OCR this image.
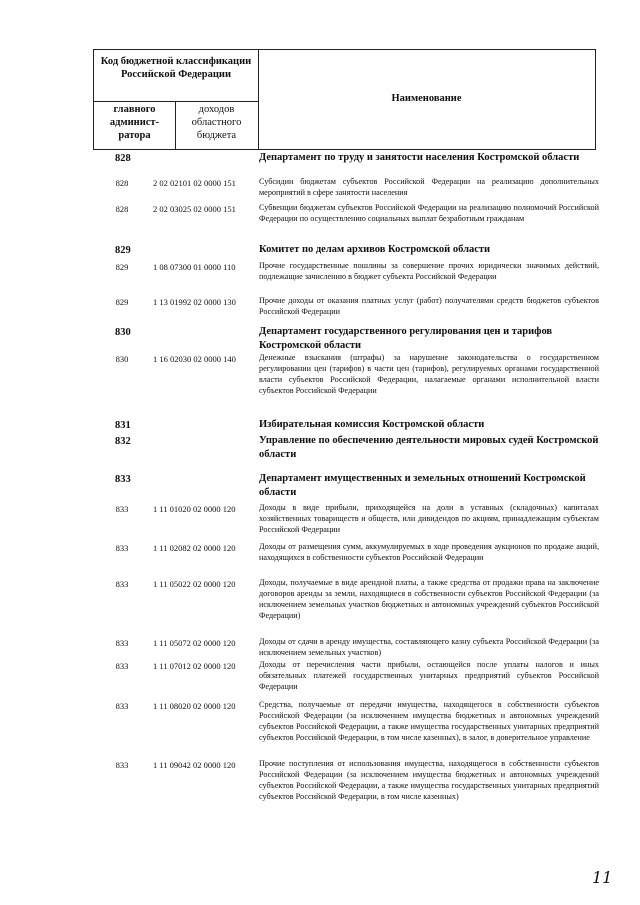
Код бюджетной классификации Российской Федерации
главного админист-ратора
доходов областного бюджета
Наименование
828	Департамент по труду и занятости населения Костромской области
828	2 02 02101 02 0000 151	Субсидии бюджетам субъектов Российской Федерации на реализацию дополнительных мероприятий в сфере занятости населения
828	2 02 03025 02 0000 151	Субвенции бюджетам субъектов Российской Федерации на реализацию полномочий Российской Федерации по осуществлению социальных выплат безработным гражданам
829	Комитет по делам архивов Костромской области
829	1 08 07300 01 0000 110	Прочие государственные пошлины за совершение прочих юридически значимых действий, подлежащие зачислению в бюджет субъекта Российской Федерации
829	1 13 01992 02 0000 130	Прочие доходы от оказания платных услуг (работ) получателями средств бюджетов субъектов Российской Федерации
830	Департамент государственного регулирования цен и тарифов Костромской области
830	1 16 02030 02 0000 140	Денежные взыскания (штрафы) за нарушение законодательства о государственном регулировании цен (тарифов) в части цен (тарифов), регулируемых органами государственной власти субъектов Российской Федерации, налагаемые органами исполнительной власти субъектов Российской Федерации
831	Избирательная комиссия Костромской области
832	Управление по обеспечению деятельности мировых судей Костромской области
833	Департамент имущественных и земельных отношений Костромской области
833	1 11 01020 02 0000 120	Доходы в виде прибыли, приходящейся на доли в уставных (складочных) капиталах хозяйственных товариществ и обществ, или дивидендов по акциям, принадлежащим субъектам Российской Федерации
833	1 11 02082 02 0000 120	Доходы от размещения сумм, аккумулируемых в ходе проведения аукционов по продаже акций, находящихся в собственности субъектов Российской Федерации
833	1 11 05022 02 0000 120	Доходы, получаемые в виде арендной платы, а также средства от продажи права на заключение договоров аренды за земли, находящиеся в собственности субъектов Российской Федерации (за исключением земельных участков бюджетных и автономных учреждений субъектов Российской Федерации)
833	1 11 05072 02 0000 120	Доходы от сдачи в аренду имущества, составляющего казну субъекта Российской Федерации (за исключением земельных участков)
833	1 11 07012 02 0000 120	Доходы от перечисления части прибыли, остающейся после уплаты налогов и иных обязательных платежей государственных унитарных предприятий субъектов Российской Федерации
833	1 11 08020 02 0000 120	Средства, получаемые от передачи имущества, находящегося в собственности субъектов Российской Федерации (за исключением имущества бюджетных и автономных учреждений субъектов Российской Федерации, а также имущества государственных унитарных предприятий субъектов Российской Федерации, в том числе казенных), в залог, в доверительное управление
833	1 11 09042 02 0000 120	Прочие поступления от использования имущества, находящегося в собственности субъектов Российской Федерации (за исключением имущества бюджетных и автономных учреждений субъектов Российской Федерации, а также имущества государственных унитарных предприятий субъектов Российской Федерации, в том числе казенных)
11
